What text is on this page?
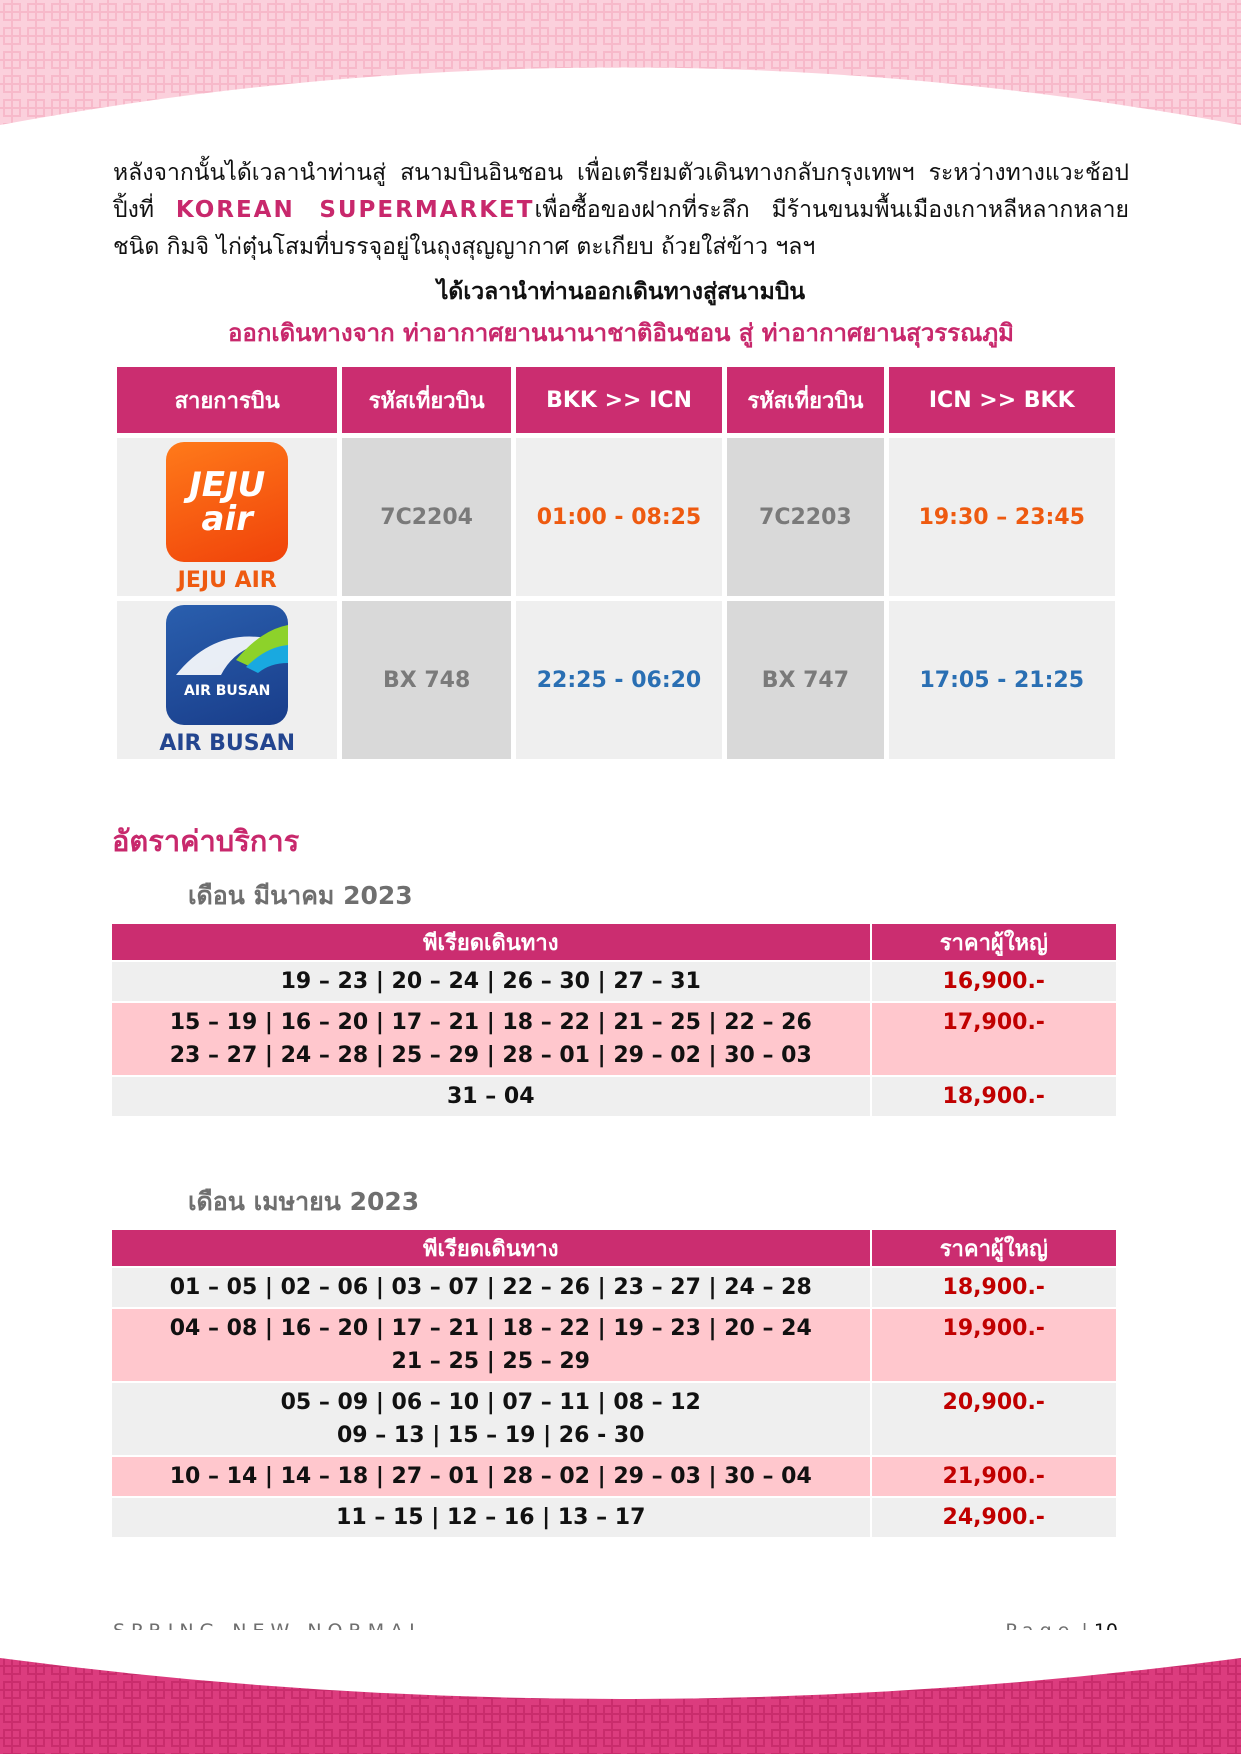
หลังจากนั้นได้เวลานำท่านสู่ สนามบินอินชอน เพื่อเตรียมตัวเดินทางกลับกรุงเทพฯ ระหว่างทางแวะช้อปปิ้งที่ KOREAN SUPERMARKETเพื่อซื้อของฝากที่ระลึก มีร้านขนมพื้นเมืองเกาหลีหลากหลายชนิด กิมจิ ไก่ตุ๋นโสมที่บรรจุอยู่ในถุงสุญญากาศ ตะเกียบ ถ้วยใส่ข้าว ฯลฯ
ได้เวลานำท่านออกเดินทางสู่สนามบิน
ออกเดินทางจาก ท่าอากาศยานนานาชาติอินชอน สู่ ท่าอากาศยานสุวรรณภูมิ
สายการบิน	รหัสเที่ยวบิน	BKK >> ICN	รหัสเที่ยวบิน	ICN >> BKK

JEJU
air
JEJU AIR	7C2204	01:00 - 08:25	7C2203	19:30 – 23:45

AIR BUSAN
AIR BUSAN	BX 748	22:25 - 06:20	BX 747	17:05 - 21:25
อัตราค่าบริการ
เดือน มีนาคม 2023
พีเรียดเดินทาง	ราคาผู้ใหญ่

19 – 23 | 20 – 24 | 26 – 30 | 27 – 31	16,900.-

15 – 19 | 16 – 20 | 17 – 21 | 18 – 22 | 21 – 25 | 22 – 26
23 – 27 | 24 – 28 | 25 – 29 | 28 – 01 | 29 – 02 | 30 – 03	17,900.-

31 – 04	18,900.-
เดือน เมษายน 2023
พีเรียดเดินทาง	ราคาผู้ใหญ่

01 – 05 | 02 – 06 | 03 – 07 | 22 – 26 | 23 – 27 | 24 – 28	18,900.-

04 – 08 | 16 – 20 | 17 – 21 | 18 – 22 | 19 – 23 | 20 – 24
21 – 25 | 25 – 29	19,900.-

05 – 09 | 06 – 10 | 07 – 11 | 08 – 12
09 – 13 | 15 – 19 | 26 - 30	20,900.-

10 – 14 | 14 – 18 | 27 – 01 | 28 – 02 | 29 – 03 | 30 – 04	21,900.-

11 – 15 | 12 – 16 | 13 – 17	24,900.-
